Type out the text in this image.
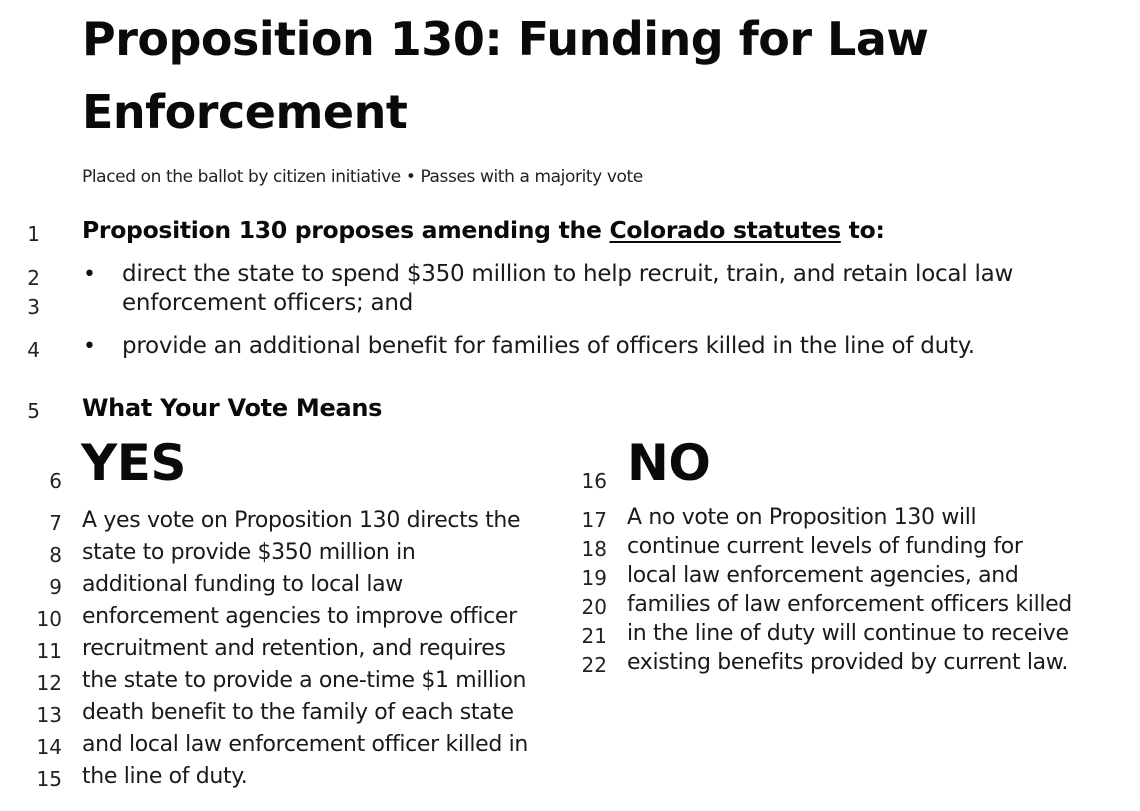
Proposition 130: Funding for Law
Enforcement
Placed on the ballot by citizen initiative • Passes with a majority vote
1 Proposition 130 proposes amending the Colorado statutes to:
2 • direct the state to spend $350 million to help recruit, train, and retain local law
3	enforcement officers; and
4 • provide an additional benefit for families of officers killed in the line of duty.
5 What Your Vote Means
6 YES
7 A yes vote on Proposition 130 directs the
8 state to provide $350 million in
9 additional funding to local law
10 enforcement agencies to improve officer
11 recruitment and retention, and requires
12 the state to provide a one-time $1 million
13 death benefit to the family of each state
14 and local law enforcement officer killed in
15 the line of duty.
16 NO
17 A no vote on Proposition 130 will
18 continue current levels of funding for
19 local law enforcement agencies, and
20 families of law enforcement officers killed
21 in the line of duty will continue to receive
22 existing benefits provided by current law.
